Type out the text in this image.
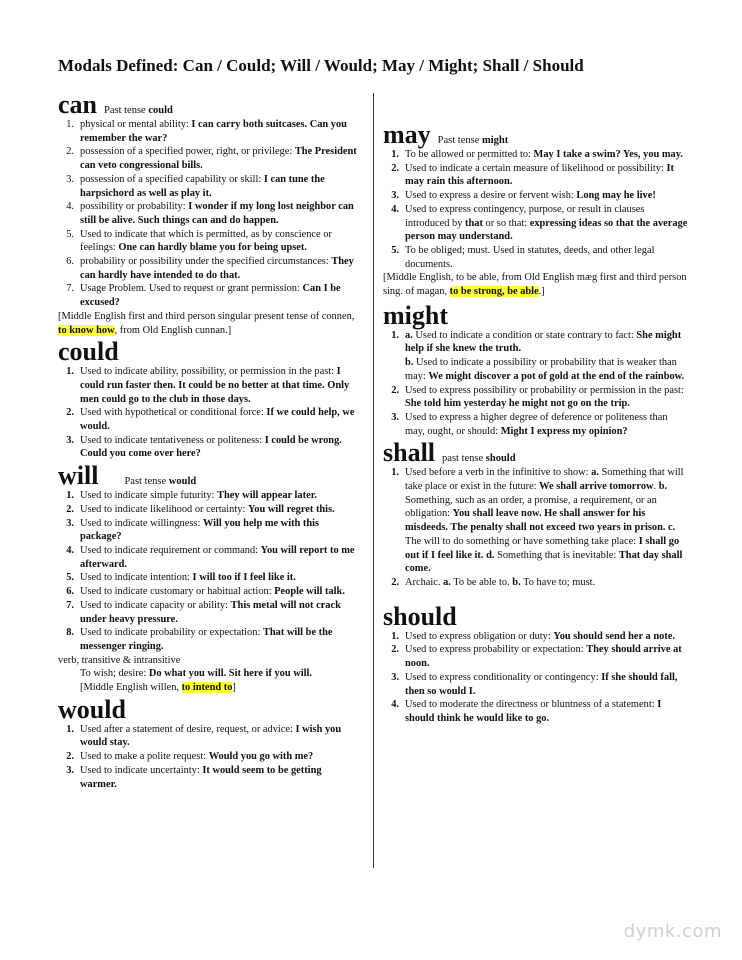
Modals Defined: Can / Could; Will / Would; May / Might; Shall / Should
can Past tense could
1. physical or mental ability: I can carry both suitcases. Can you remember the war?
2. possession of a specified power, right, or privilege: The President can veto congressional bills.
3. possession of a specified capability or skill: I can tune the harpsichord as well as play it.
4. possibility or probability: I wonder if my long lost neighbor can still be alive. Such things can and do happen.
5. Used to indicate that which is permitted, as by conscience or feelings: One can hardly blame you for being upset.
6. probability or possibility under the specified circumstances: They can hardly have intended to do that.
7. Usage Problem. Used to request or grant permission: Can I be excused?
[Middle English first and third person singular present tense of connen, to know how, from Old English cunnan.]
could
1. Used to indicate ability, possibility, or permission in the past: I could run faster then. It could be no better at that time. Only men could go to the club in those days.
2. Used with hypothetical or conditional force: If we could help, we would.
3. Used to indicate tentativeness or politeness: I could be wrong. Could you come over here?
will Past tense would
1. Used to indicate simple futurity: They will appear later.
2. Used to indicate likelihood or certainty: You will regret this.
3. Used to indicate willingness: Will you help me with this package?
4. Used to indicate requirement or command: You will report to me afterward.
5. Used to indicate intention: I will too if I feel like it.
6. Used to indicate customary or habitual action: People will talk.
7. Used to indicate capacity or ability: This metal will not crack under heavy pressure.
8. Used to indicate probability or expectation: That will be the messenger ringing.
verb, transitive & intransitive
To wish; desire: Do what you will. Sit here if you will.
[Middle English willen, to intend to]
would
1. Used after a statement of desire, request, or advice: I wish you would stay.
2. Used to make a polite request: Would you go with me?
3. Used to indicate uncertainty: It would seem to be getting warmer.
may Past tense might
1. To be allowed or permitted to: May I take a swim? Yes, you may.
2. Used to indicate a certain measure of likelihood or possibility: It may rain this afternoon.
3. Used to express a desire or fervent wish: Long may he live!
4. Used to express contingency, purpose, or result in clauses introduced by that or so that: expressing ideas so that the average person may understand.
5. To be obliged; must. Used in statutes, deeds, and other legal documents.
[Middle English, to be able, from Old English mæg first and third person sing. of magan, to be strong, be able.]
might
1. a. Used to indicate a condition or state contrary to fact: She might help if she knew the truth.
b. Used to indicate a possibility or probability that is weaker than may: We might discover a pot of gold at the end of the rainbow.
2. Used to express possibility or probability or permission in the past: She told him yesterday he might not go on the trip.
3. Used to express a higher degree of deference or politeness than may, ought, or should: Might I express my opinion?
shall past tense should
1. Used before a verb in the infinitive to show: a. Something that will take place or exist in the future: We shall arrive tomorrow. b. Something, such as an order, a promise, a requirement, or an obligation: You shall leave now. He shall answer for his misdeeds. The penalty shall not exceed two years in prison. c. The will to do something or have something take place: I shall go out if I feel like it. d. Something that is inevitable: That day shall come.
2. Archaic. a. To be able to. b. To have to; must.
should
1. Used to express obligation or duty: You should send her a note.
2. Used to express probability or expectation: They should arrive at noon.
3. Used to express conditionality or contingency: If she should fall, then so would I.
4. Used to moderate the directness or bluntness of a statement: I should think he would like to go.
dymk.com
